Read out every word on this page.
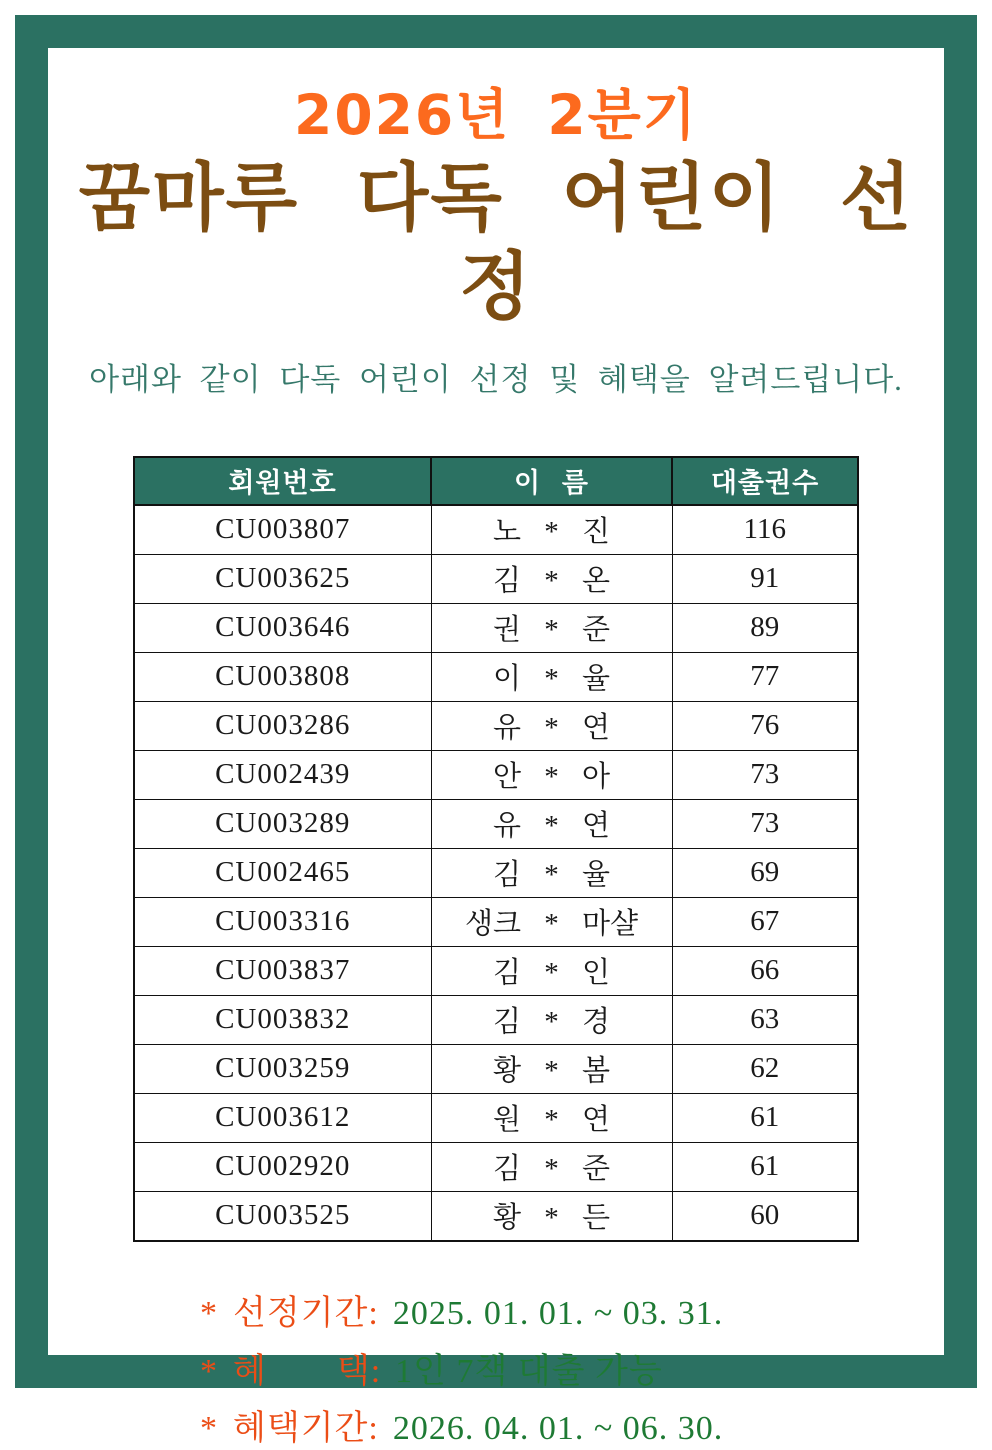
2026년 2분기
꿈마루 다독 어린이 선정

아래와 같이 다독 어린이 선정 및 혜택을 알려드립니다.

회원번호	이  름	대출권수
CU003807	노 * 진	116
CU003625	김 * 온	91
CU003646	권 * 준	89
CU003808	이 * 율	77
CU003286	유 * 연	76
CU002439	안 * 아	73
CU003289	유 * 연	73
CU002465	김 * 율	69
CU003316	생크 * 마샬	67
CU003837	김 * 인	66
CU003832	김 * 경	63
CU003259	황 * 봄	62
CU003612	원 * 연	61
CU002920	김 * 준	61
CU003525	황 * 든	60
* 선정기간: 2025. 01. 01. ~ 03. 31.
* 혜　　택: 1인 7책 대출 가능
* 혜택기간: 2026. 04. 01. ~ 06. 30.
